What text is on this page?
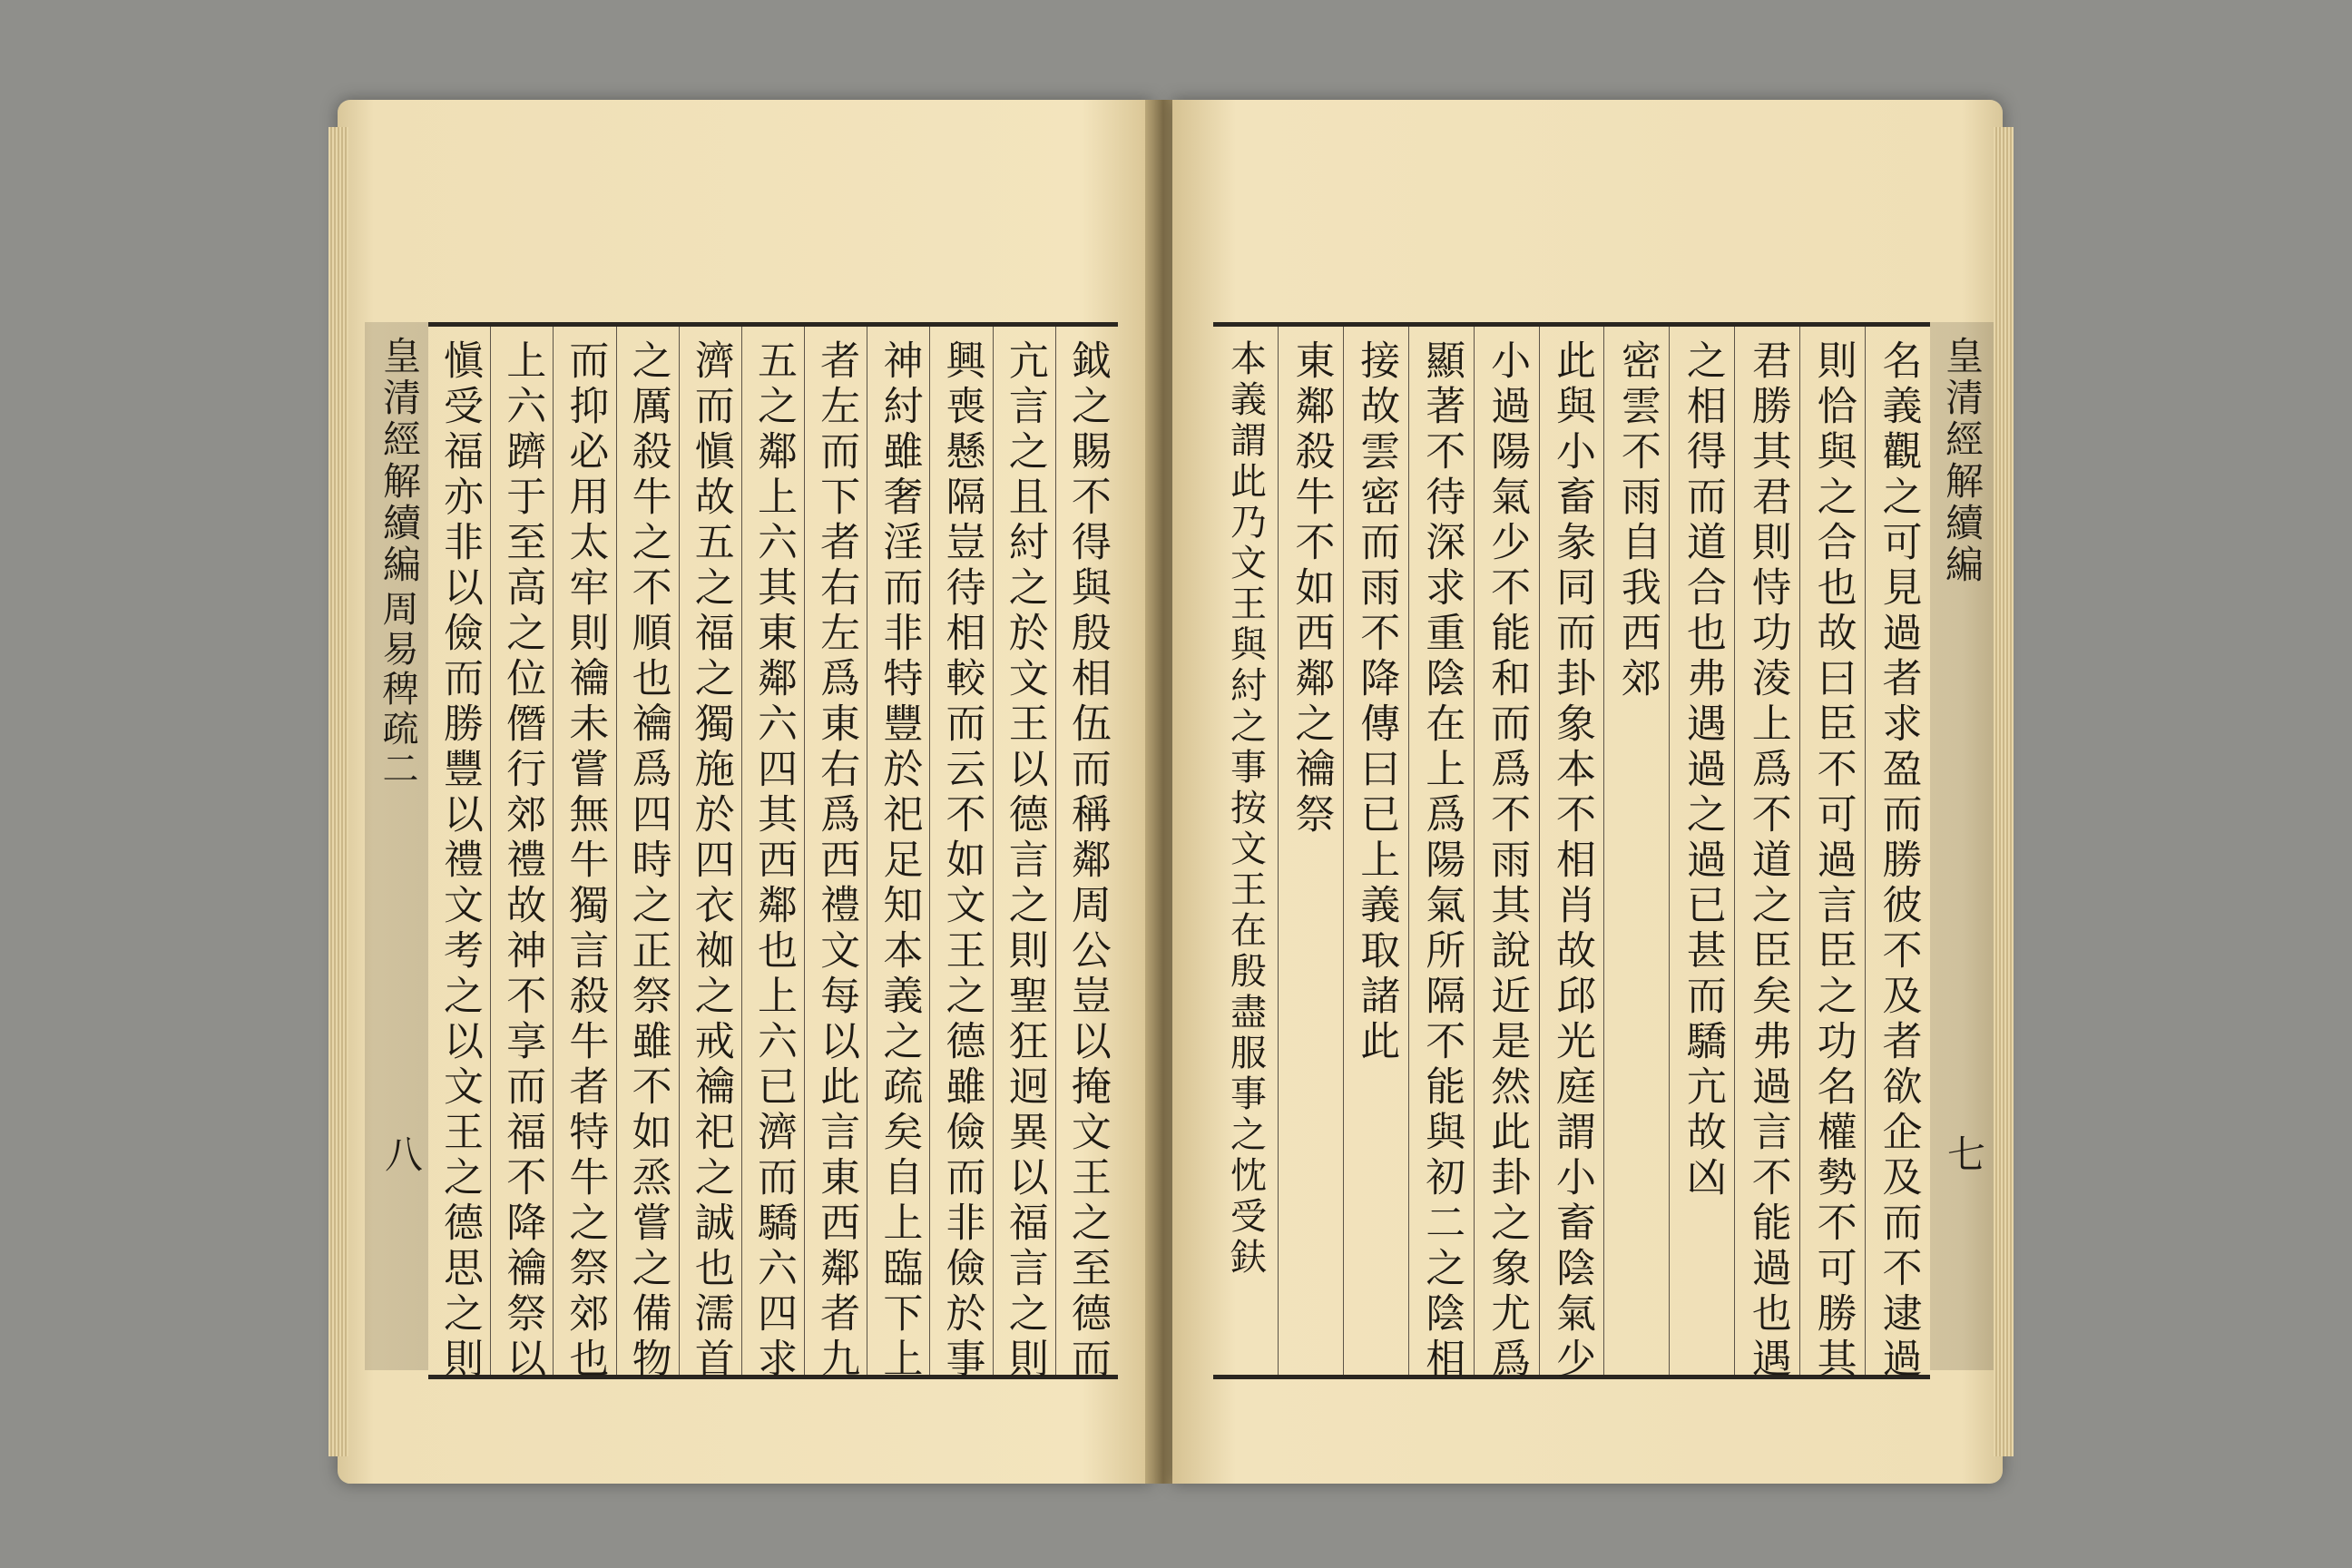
皇清經解續編
周易稗疏二
八	鉞之賜不得與殷相伍而稱鄰周公豈以掩文王之至德而
亢言之且紂之於文王以德言之則聖狂迥異以福言之則
興喪懸隔豈待相較而云不如文王之德雖儉而非儉於事
神紂雖奢淫而非特豐於祀足知本義之疏矣自上臨下上
者左而下者右左爲東右爲西禮文每以此言東西鄰者九
五之鄰上六其東鄰六四其西鄰也上六已濟而驕六四求
濟而愼故五之福之獨施於四衣袽之戒禴祀之誠也濡首
之厲殺牛之不順也禴爲四時之正祭雖不如烝嘗之備物
而抑必用太牢則禴未嘗無牛獨言殺牛者特牛之祭郊也
上六躋于至高之位僭行郊禮故神不享而福不降禴祭以
愼受福亦非以儉而勝豐以禮文考之以文王之德思之則	皇清經解續編
七
名義觀之可見過者求盈而勝彼不及者欲企及而不逮過
則恰與之合也故曰臣不可過言臣之功名權勢不可勝其
君勝其君則恃功淩上爲不道之臣矣弗過言不能過也遇
之相得而道合也弗遇過之過已甚而驕亢故凶
密雲不雨自我西郊
此與小畜彖同而卦象本不相肖故邱光庭謂小畜陰氣少
小過陽氣少不能和而爲不雨其說近是然此卦之象尤爲
顯著不待深求重陰在上爲陽氣所隔不能與初二之陰相
接故雲密而雨不降傳曰已上義取諸此
東鄰殺牛不如西鄰之禴祭
本義謂此乃文王與紂之事按文王在殷盡服事之忱受鈇
